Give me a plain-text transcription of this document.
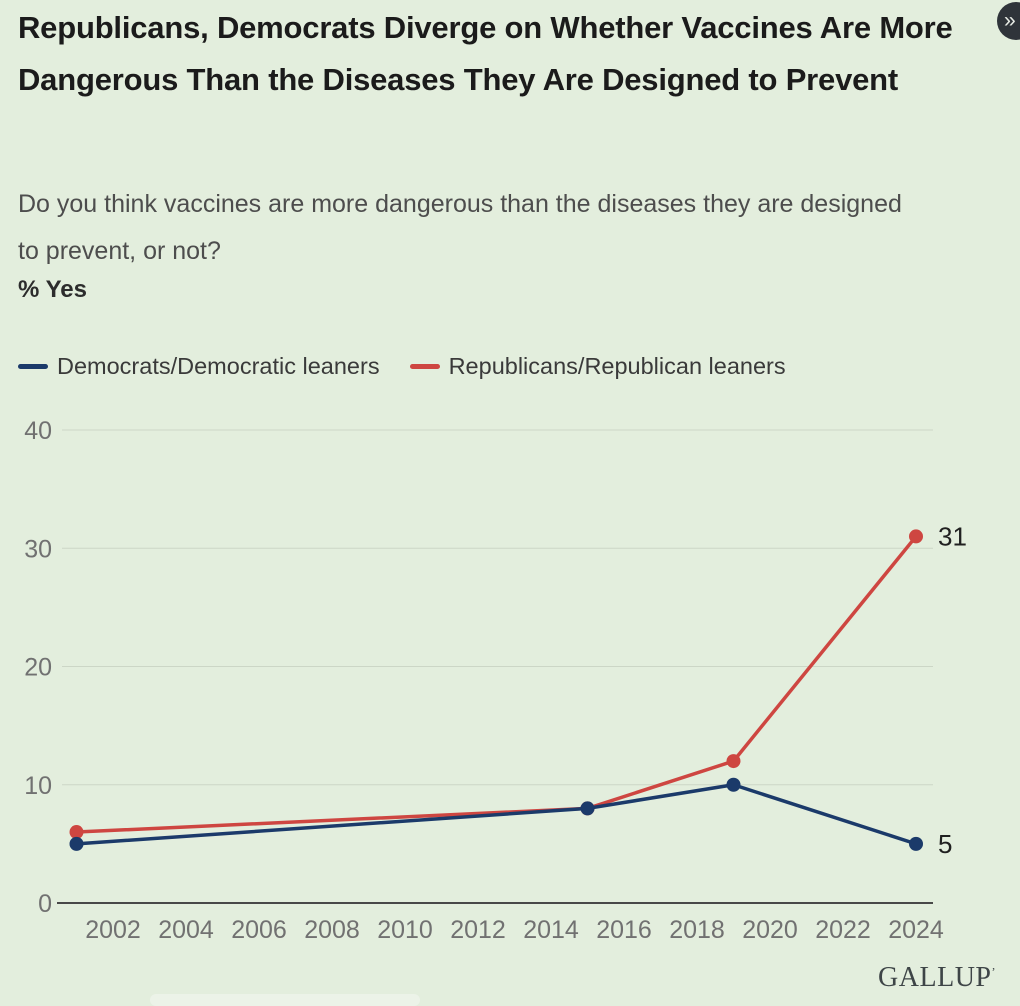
»
Republicans, Democrats Diverge on Whether Vaccines Are More Dangerous Than the Diseases They Are Designed to Prevent

Do you think vaccines are more dangerous than the diseases they are designed to prevent, or not?

% Yes

Democrats/Democratic leaners	Republicans/Republican leaners
0
10
20
30
40
2002 2004 2006 2008 2010 2012 2014 2016 2018 2020 2022 2024
5
31
GALLUP’
